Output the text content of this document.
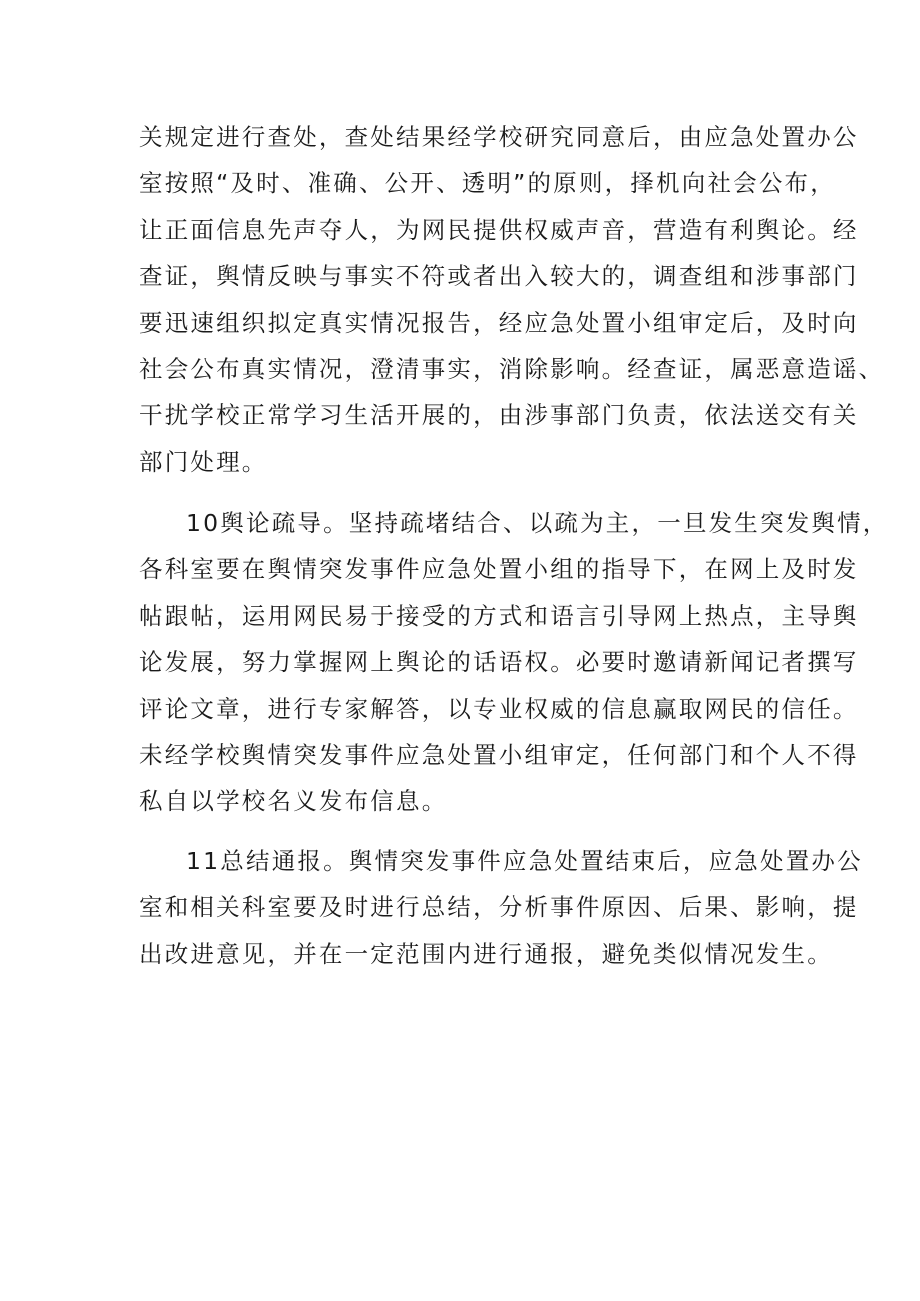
关规定进行查处，查处结果经学校研究同意后，由应急处置办公
室按照“及时、准确、公开、透明”的原则，择机向社会公布，
让正面信息先声夺人，为网民提供权威声音，营造有利舆论。经
查证，舆情反映与事实不符或者出入较大的，调查组和涉事部门
要迅速组织拟定真实情况报告，经应急处置小组审定后，及时向
社会公布真实情况，澄清事实，消除影响。经查证，属恶意造谣、
干扰学校正常学习生活开展的，由涉事部门负责，依法送交有关
部门处理。
10舆论疏导。坚持疏堵结合、以疏为主，一旦发生突发舆情，
各科室要在舆情突发事件应急处置小组的指导下，在网上及时发
帖跟帖，运用网民易于接受的方式和语言引导网上热点，主导舆
论发展，努力掌握网上舆论的话语权。必要时邀请新闻记者撰写
评论文章，进行专家解答，以专业权威的信息赢取网民的信任。
未经学校舆情突发事件应急处置小组审定，任何部门和个人不得
私自以学校名义发布信息。
11总结通报。舆情突发事件应急处置结束后，应急处置办公
室和相关科室要及时进行总结，分析事件原因、后果、影响，提
出改进意见，并在一定范围内进行通报，避免类似情况发生。
